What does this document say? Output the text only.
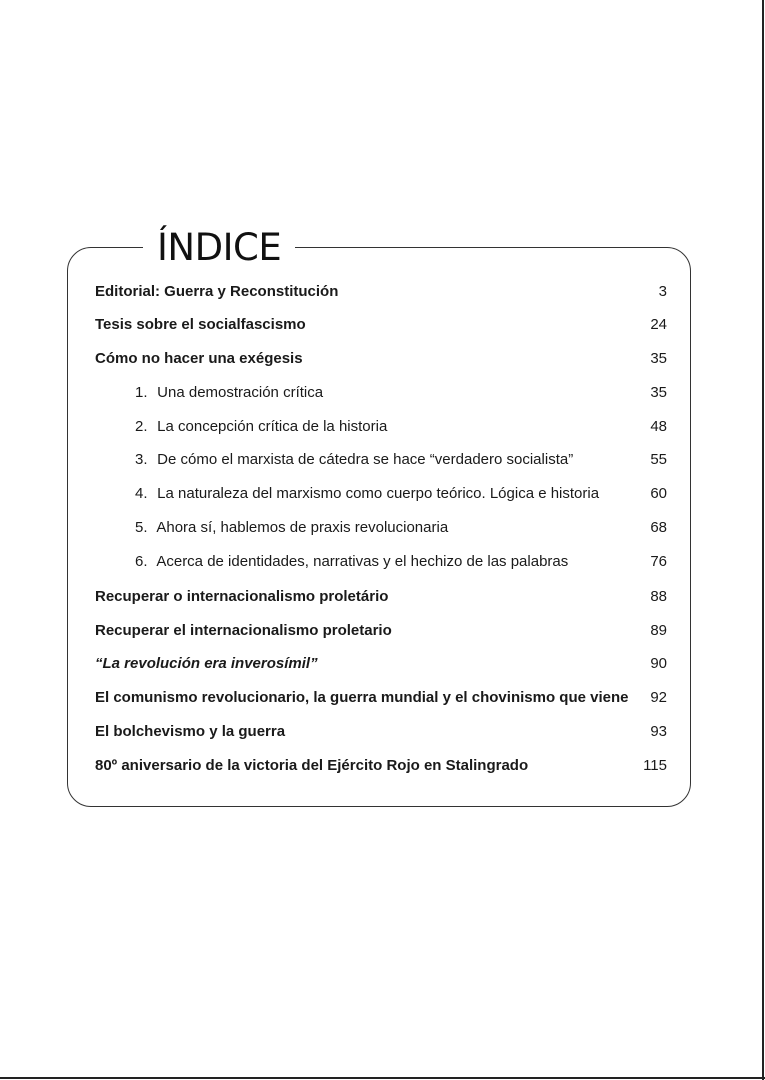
ÍNDICE
Editorial: Guerra y Reconstitución	3
Tesis sobre el socialfascismo	24
Cómo no hacer una exégesis	35
1. Una demostración crítica	35
2. La concepción crítica de la historia	48
3. De cómo el marxista de cátedra se hace “verdadero socialista”	55
4. La naturaleza del marxismo como cuerpo teórico. Lógica e historia	60
5. Ahora sí, hablemos de praxis revolucionaria	68
6. Acerca de identidades, narrativas y el hechizo de las palabras	76
Recuperar o internacionalismo proletário	88
Recuperar el internacionalismo proletario	89
“La revolución era inverosímil”	90
El comunismo revolucionario, la guerra mundial y el chovinismo que viene 92
El bolchevismo y la guerra	93
80º aniversario de la victoria del Ejército Rojo en Stalingrado	115
